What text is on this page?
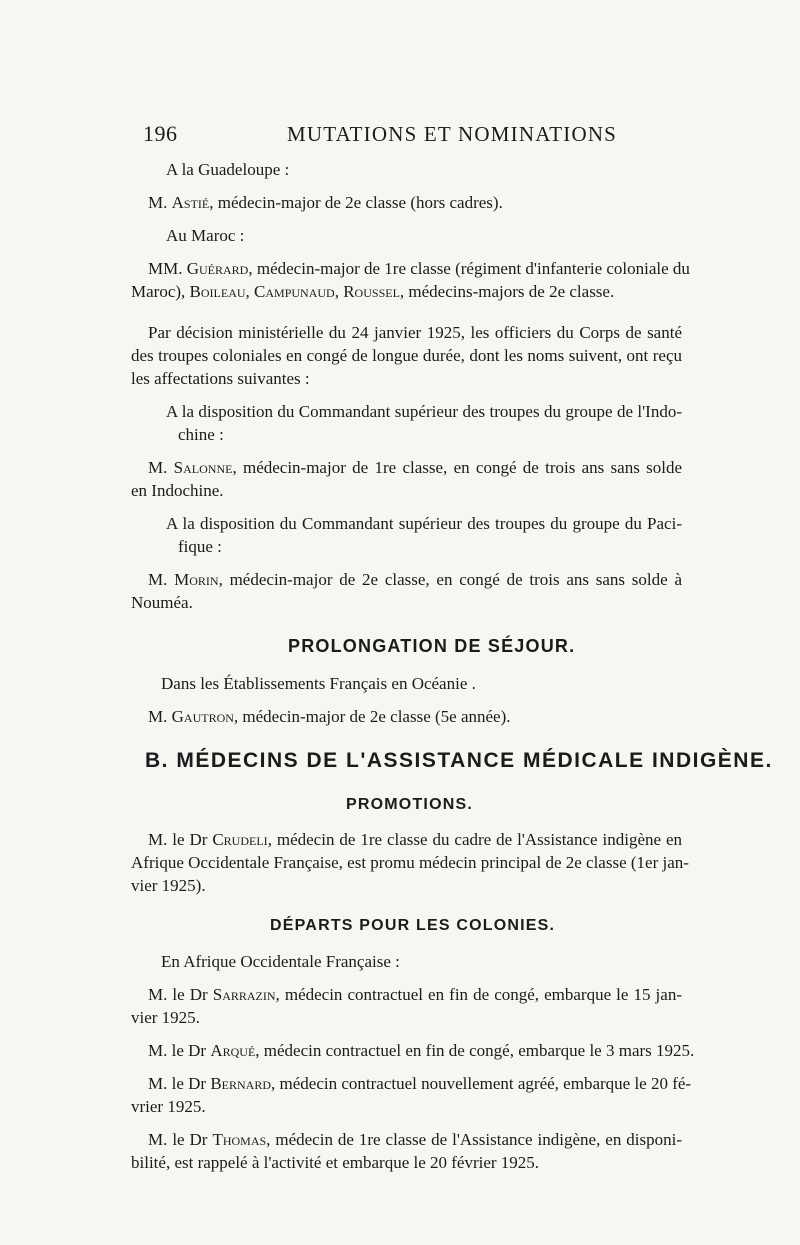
196	MUTATIONS ET NOMINATIONS
A la Guadeloupe :
M. Astié, médecin-major de 2e classe (hors cadres).
Au Maroc :
MM. Guérard, médecin-major de 1re classe (régiment d'infanterie coloniale du
Maroc), Boileau, Campunaud, Roussel, médecins-majors de 2e classe.
Par décision ministérielle du 24 janvier 1925, les officiers du Corps de santé
des troupes coloniales en congé de longue durée, dont les noms suivent, ont reçu
les affectations suivantes :
A la disposition du Commandant supérieur des troupes du groupe de l'Indo-
chine :
M. Salonne, médecin-major de 1re classe, en congé de trois ans sans solde
en Indochine.
A la disposition du Commandant supérieur des troupes du groupe du Paci-
fique :
M. Morin, médecin-major de 2e classe, en congé de trois ans sans solde à
Nouméa.
PROLONGATION DE SÉJOUR.
Dans les Établissements Français en Océanie .
M. Gautron, médecin-major de 2e classe (5e année).
B. MÉDECINS DE L'ASSISTANCE MÉDICALE INDIGÈNE.
PROMOTIONS.
M. le Dr Crudeli, médecin de 1re classe du cadre de l'Assistance indigène en
Afrique Occidentale Française, est promu médecin principal de 2e classe (1er jan-
vier 1925).
DÉPARTS POUR LES COLONIES.
En Afrique Occidentale Française :
M. le Dr Sarrazin, médecin contractuel en fin de congé, embarque le 15 jan-
vier 1925.
M. le Dr Arqué, médecin contractuel en fin de congé, embarque le 3 mars 1925.
M. le Dr Bernard, médecin contractuel nouvellement agréé, embarque le 20 fé-
vrier 1925.
M. le Dr Thomas, médecin de 1re classe de l'Assistance indigène, en disponi-
bilité, est rappelé à l'activité et embarque le 20 février 1925.
